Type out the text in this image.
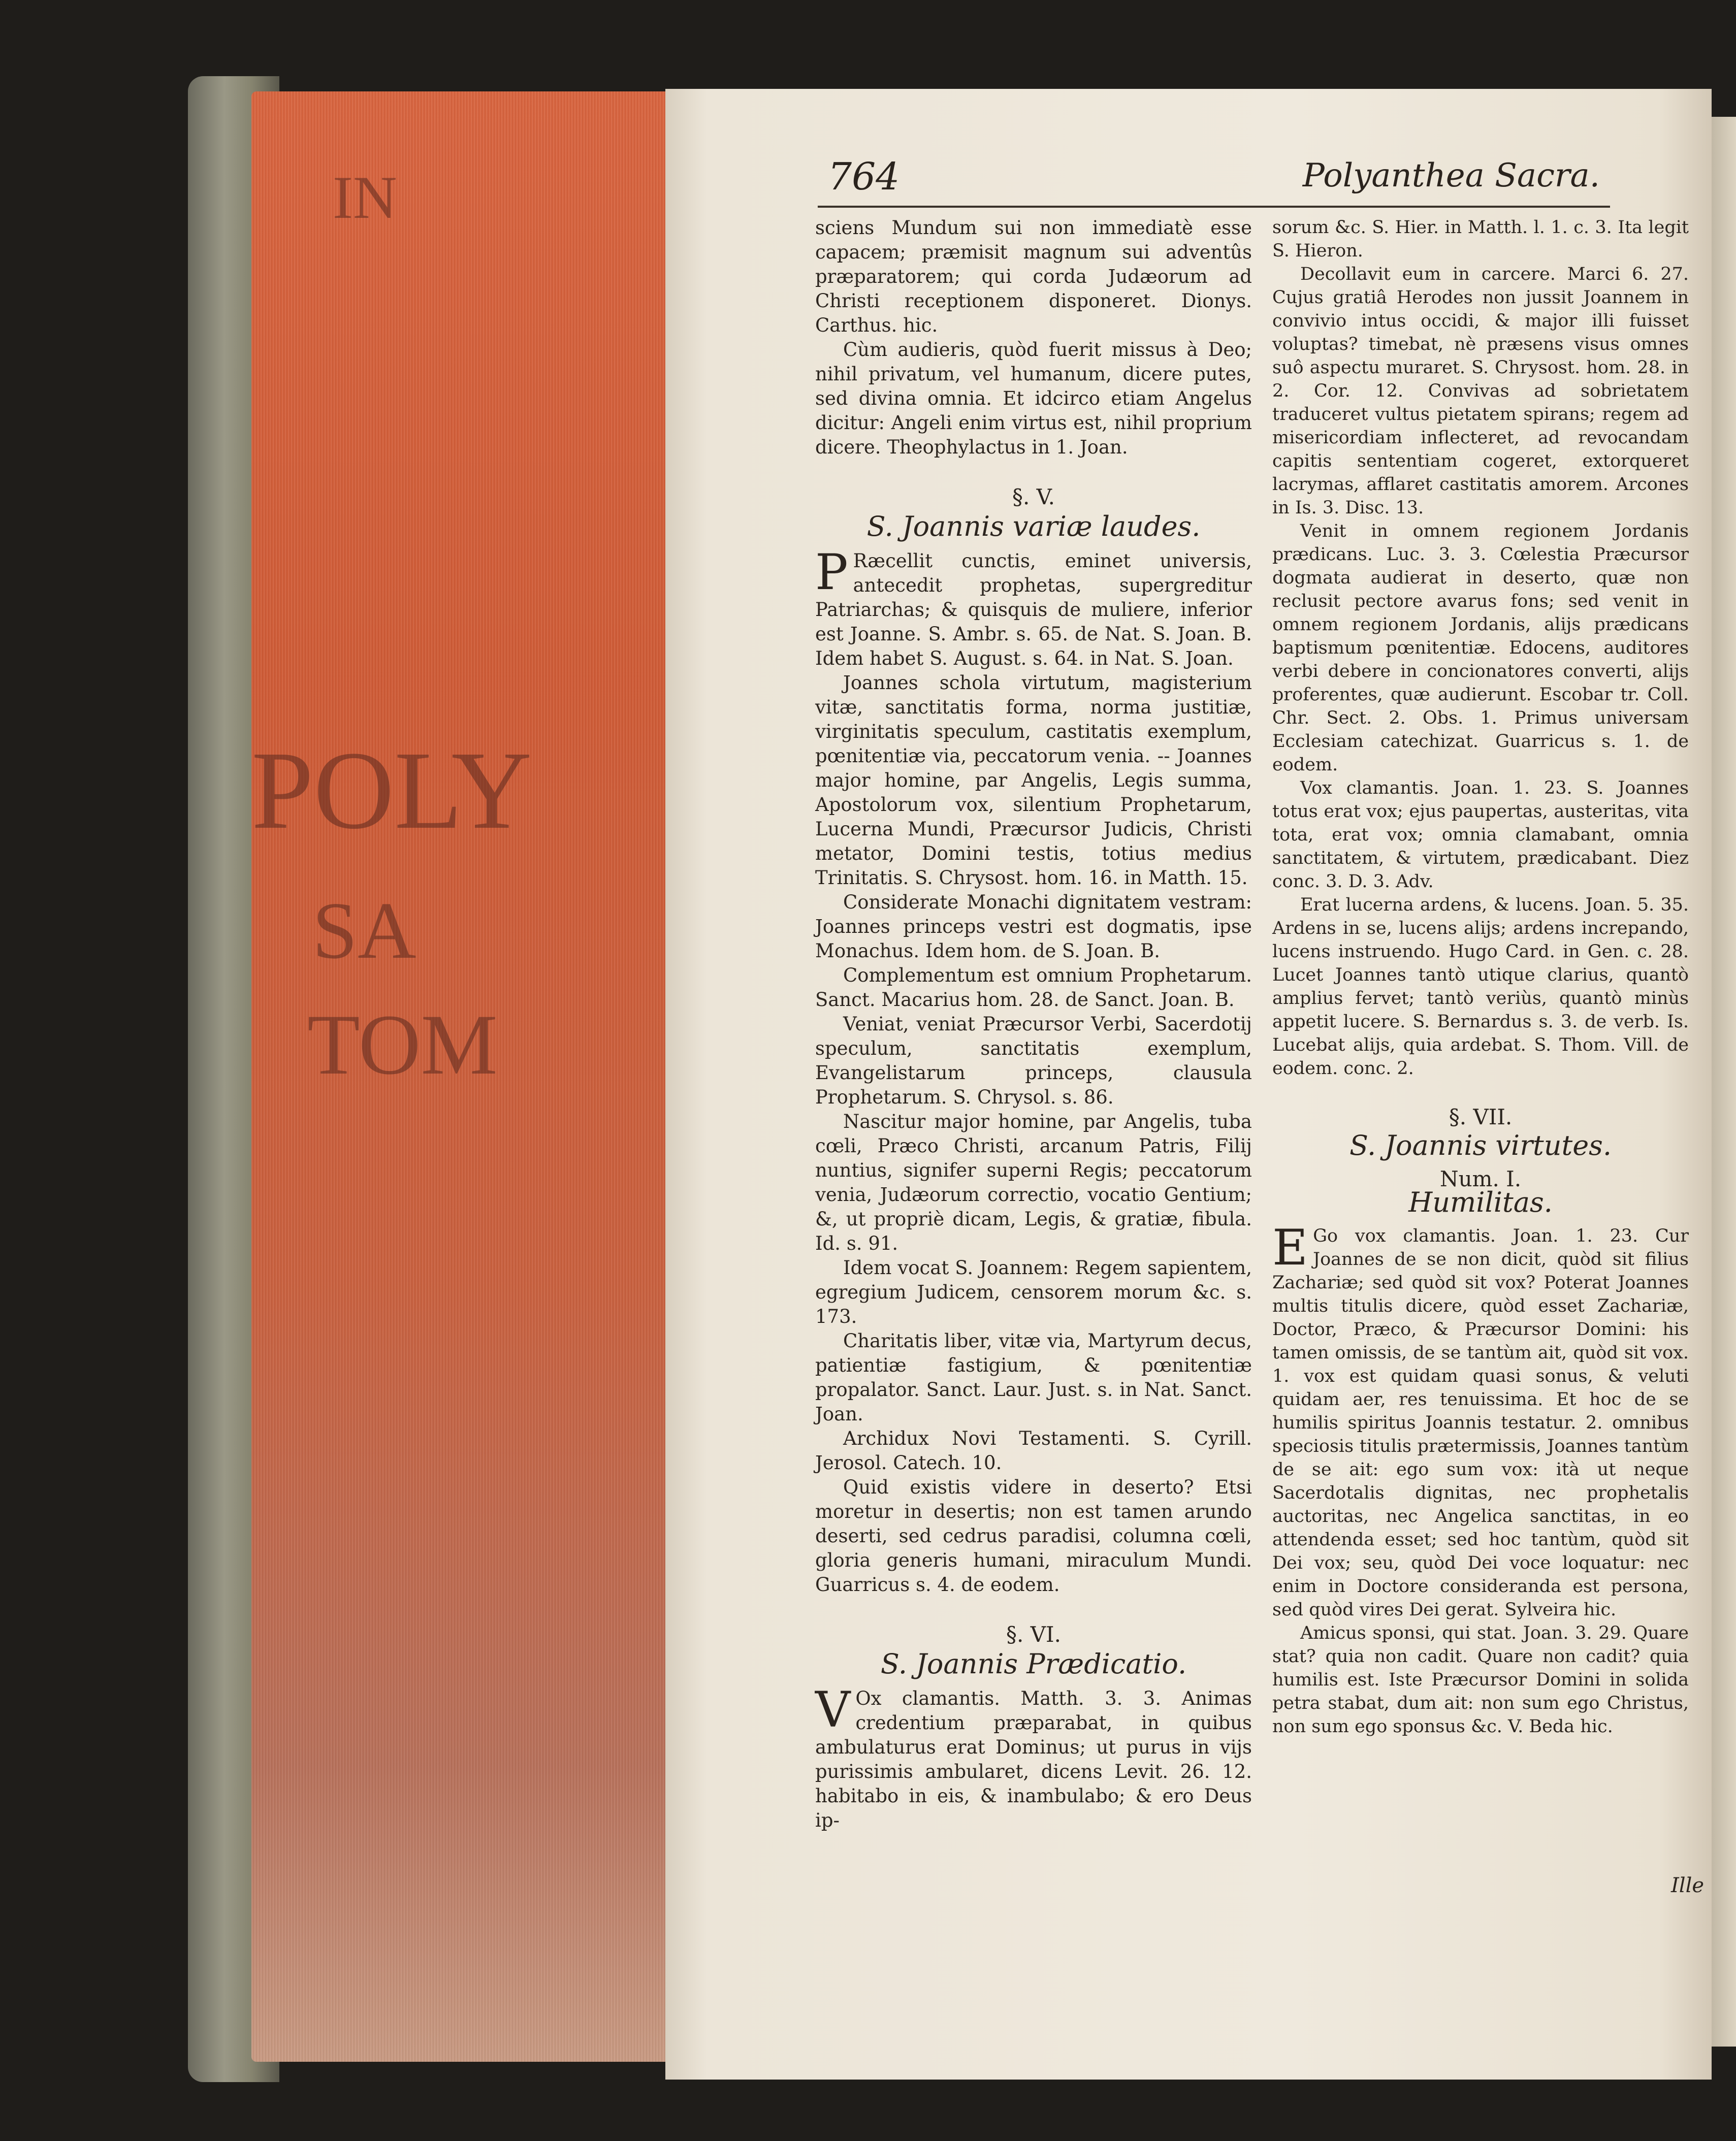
IN
POLY
SA
TOM
764	Polyanthea Sacra.

sciens Mundum sui non immediatè esse capacem; præmisit magnum sui adventûs præparatorem; qui corda Judæorum ad Christi receptionem disponeret. Dionys. Carthus. hic.

Cùm audieris, quòd fuerit missus à Deo; nihil privatum, vel humanum, dicere putes, sed divina omnia. Et idcirco etiam Angelus dicitur: Angeli enim virtus est, nihil proprium dicere. Theophylactus in 1. Joan.

§. V.
S. Joannis variæ laudes.

PRæcellit cunctis, eminet universis, antecedit prophetas, supergreditur Patriarchas; & quisquis de muliere, inferior est Joanne. S. Ambr. s. 65. de Nat. S. Joan. B. Idem habet S. August. s. 64. in Nat. S. Joan.

Joannes schola virtutum, magisterium vitæ, sanctitatis forma, norma justitiæ, virginitatis speculum, castitatis exemplum, pœnitentiæ via, peccatorum venia. -- Joannes major homine, par Angelis, Legis summa, Apostolorum vox, silentium Prophetarum, Lucerna Mundi, Præcursor Judicis, Christi metator, Domini testis, totius medius Trinitatis. S. Chrysost. hom. 16. in Matth. 15.

Considerate Monachi dignitatem vestram: Joannes princeps vestri est dogmatis, ipse Monachus. Idem hom. de S. Joan. B.

Complementum est omnium Prophetarum. Sanct. Macarius hom. 28. de Sanct. Joan. B.

Veniat, veniat Præcursor Verbi, Sacerdotij speculum, sanctitatis exemplum, Evangelistarum princeps, clausula Prophetarum. S. Chrysol. s. 86.

Nascitur major homine, par Angelis, tuba cœli, Præco Christi, arcanum Patris, Filij nuntius, signifer superni Regis; peccatorum venia, Judæorum correctio, vocatio Gentium; &, ut propriè dicam, Legis, & gratiæ, fibula. Id. s. 91.

Idem vocat S. Joannem: Regem sapientem, egregium Judicem, censorem morum &c. s. 173.

Charitatis liber, vitæ via, Martyrum decus, patientiæ fastigium, & pœnitentiæ propalator. Sanct. Laur. Just. s. in Nat. Sanct. Joan.

Archidux Novi Testamenti. S. Cyrill. Jerosol. Catech. 10.

Quid existis videre in deserto? Etsi moretur in desertis; non est tamen arundo deserti, sed cedrus paradisi, columna cœli, gloria generis humani, miraculum Mundi. Guarricus s. 4. de eodem.

§. VI.
S. Joannis Prædicatio.

VOx clamantis. Matth. 3. 3. Animas credentium præparabat, in quibus ambulaturus erat Dominus; ut purus in vijs purissimis ambularet, dicens Levit. 26. 12. habitabo in eis, & inambulabo; & ero Deus ip-

sorum &c. S. Hier. in Matth. l. 1. c. 3. Ita legit S. Hieron.

Decollavit eum in carcere. Marci 6. 27. Cujus gratiâ Herodes non jussit Joannem in convivio intus occidi, & major illi fuisset voluptas? timebat, nè præsens visus omnes suô aspectu muraret. S. Chrysost. hom. 28. in 2. Cor. 12. Convivas ad sobrietatem traduceret vultus pietatem spirans; regem ad misericordiam inflecteret, ad revocandam capitis sententiam cogeret, extorqueret lacrymas, afflaret castitatis amorem. Arcones in Is. 3. Disc. 13.

Venit in omnem regionem Jordanis prædicans. Luc. 3. 3. Cœlestia Præcursor dogmata audierat in deserto, quæ non reclusit pectore avarus fons; sed venit in omnem regionem Jordanis, alijs prædicans baptismum pœnitentiæ. Edocens, auditores verbi debere in concionatores converti, alijs proferentes, quæ audierunt. Escobar tr. Coll. Chr. Sect. 2. Obs. 1. Primus universam Ecclesiam catechizat. Guarricus s. 1. de eodem.

Vox clamantis. Joan. 1. 23. S. Joannes totus erat vox; ejus paupertas, austeritas, vita tota, erat vox; omnia clamabant, omnia sanctitatem, & virtutem, prædicabant. Diez conc. 3. D. 3. Adv.

Erat lucerna ardens, & lucens. Joan. 5. 35. Ardens in se, lucens alijs; ardens increpando, lucens instruendo. Hugo Card. in Gen. c. 28. Lucet Joannes tantò utique clarius, quantò amplius fervet; tantò veriùs, quantò minùs appetit lucere. S. Bernardus s. 3. de verb. Is. Lucebat alijs, quia ardebat. S. Thom. Vill. de eodem. conc. 2.

§. VII.
S. Joannis virtutes.
Num. I.
Humilitas.

EGo vox clamantis. Joan. 1. 23. Cur Joannes de se non dicit, quòd sit filius Zachariæ; sed quòd sit vox? Poterat Joannes multis titulis dicere, quòd esset Zachariæ, Doctor, Præco, & Præcursor Domini: his tamen omissis, de se tantùm ait, quòd sit vox. 1. vox est quidam quasi sonus, & veluti quidam aer, res tenuissima. Et hoc de se humilis spiritus Joannis testatur. 2. omnibus speciosis titulis prætermissis, Joannes tantùm de se ait: ego sum vox: ità ut neque Sacerdotalis dignitas, nec prophetalis auctoritas, nec Angelica sanctitas, in eo attendenda esset; sed hoc tantùm, quòd sit Dei vox; seu, quòd Dei voce loquatur: nec enim in Doctore consideranda est persona, sed quòd vires Dei gerat. Sylveira hic.

Amicus sponsi, qui stat. Joan. 3. 29. Quare stat? quia non cadit. Quare non cadit? quia humilis est. Iste Præcursor Domini in solida petra stabat, dum ait: non sum ego Christus, non sum ego sponsus &c. V. Beda hic.

Ille
